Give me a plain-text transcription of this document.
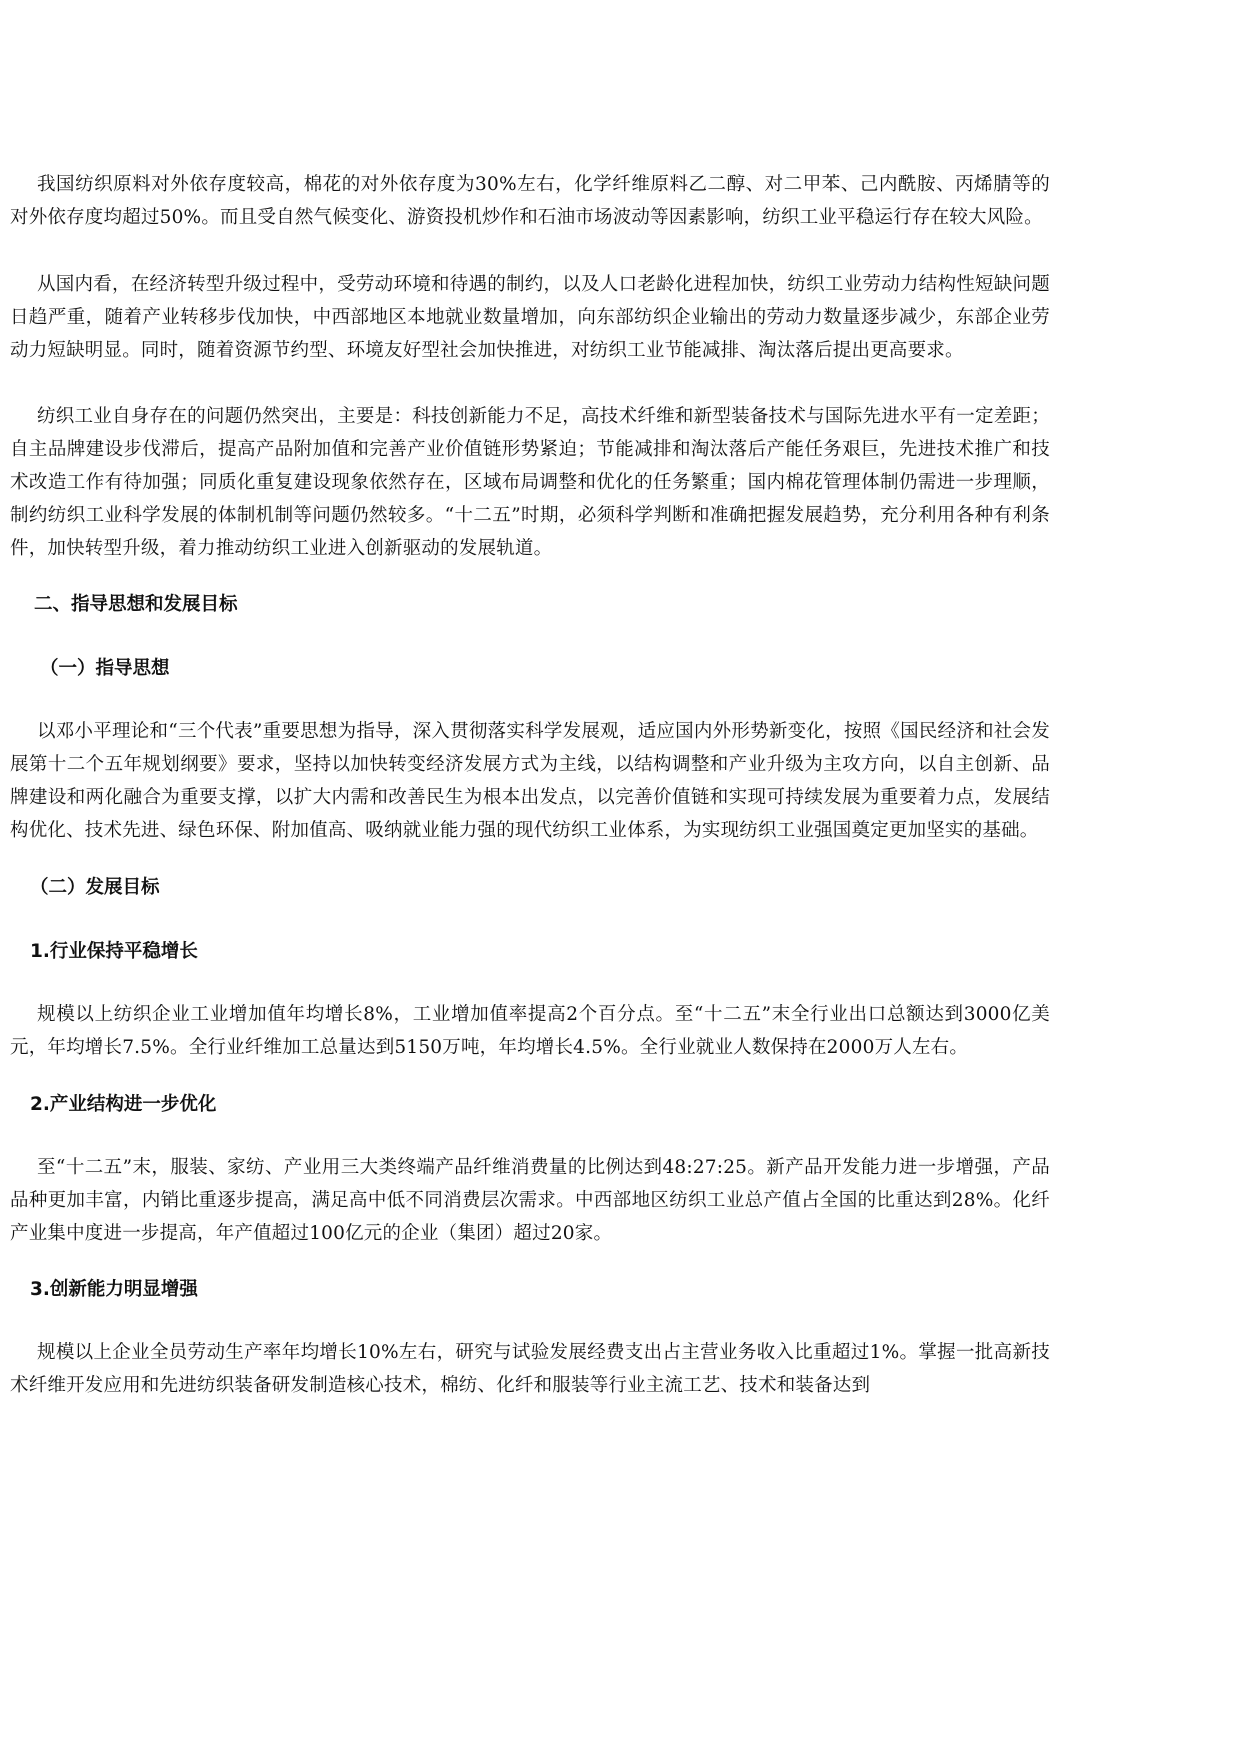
我国纺织原料对外依存度较高，棉花的对外依存度为30%左右，化学纤维原料乙二醇、对二甲苯、己内酰胺、丙烯腈等的对外依存度均超过50%。而且受自然气候变化、游资投机炒作和石油市场波动等因素影响，纺织工业平稳运行存在较大风险。

从国内看，在经济转型升级过程中，受劳动环境和待遇的制约，以及人口老龄化进程加快，纺织工业劳动力结构性短缺问题日趋严重，随着产业转移步伐加快，中西部地区本地就业数量增加，向东部纺织企业输出的劳动力数量逐步减少，东部企业劳动力短缺明显。同时，随着资源节约型、环境友好型社会加快推进，对纺织工业节能减排、淘汰落后提出更高要求。

纺织工业自身存在的问题仍然突出，主要是：科技创新能力不足，高技术纤维和新型装备技术与国际先进水平有一定差距；自主品牌建设步伐滞后，提高产品附加值和完善产业价值链形势紧迫；节能减排和淘汰落后产能任务艰巨，先进技术推广和技术改造工作有待加强；同质化重复建设现象依然存在，区域布局调整和优化的任务繁重；国内棉花管理体制仍需进一步理顺，制约纺织工业科学发展的体制机制等问题仍然较多。“十二五”时期，必须科学判断和准确把握发展趋势，充分利用各种有利条件，加快转型升级，着力推动纺织工业进入创新驱动的发展轨道。

二、指导思想和发展目标
（一）指导思想

以邓小平理论和“三个代表”重要思想为指导，深入贯彻落实科学发展观，适应国内外形势新变化，按照《国民经济和社会发展第十二个五年规划纲要》要求，坚持以加快转变经济发展方式为主线，以结构调整和产业升级为主攻方向，以自主创新、品牌建设和两化融合为重要支撑，以扩大内需和改善民生为根本出发点，以完善价值链和实现可持续发展为重要着力点，发展结构优化、技术先进、绿色环保、附加值高、吸纳就业能力强的现代纺织工业体系，为实现纺织工业强国奠定更加坚实的基础。

（二）发展目标
1.行业保持平稳增长

规模以上纺织企业工业增加值年均增长8%，工业增加值率提高2个百分点。至“十二五”末全行业出口总额达到3000亿美元，年均增长7.5%。全行业纤维加工总量达到5150万吨，年均增长4.5%。全行业就业人数保持在2000万人左右。

2.产业结构进一步优化

至“十二五”末，服装、家纺、产业用三大类终端产品纤维消费量的比例达到48:27:25。新产品开发能力进一步增强，产品品种更加丰富，内销比重逐步提高，满足高中低不同消费层次需求。中西部地区纺织工业总产值占全国的比重达到28%。化纤产业集中度进一步提高，年产值超过100亿元的企业（集团）超过20家。

3.创新能力明显增强

规模以上企业全员劳动生产率年均增长10%左右，研究与试验发展经费支出占主营业务收入比重超过1%。掌握一批高新技术纤维开发应用和先进纺织装备研发制造核心技术，棉纺、化纤和服装等行业主流工艺、技术和装备达到
